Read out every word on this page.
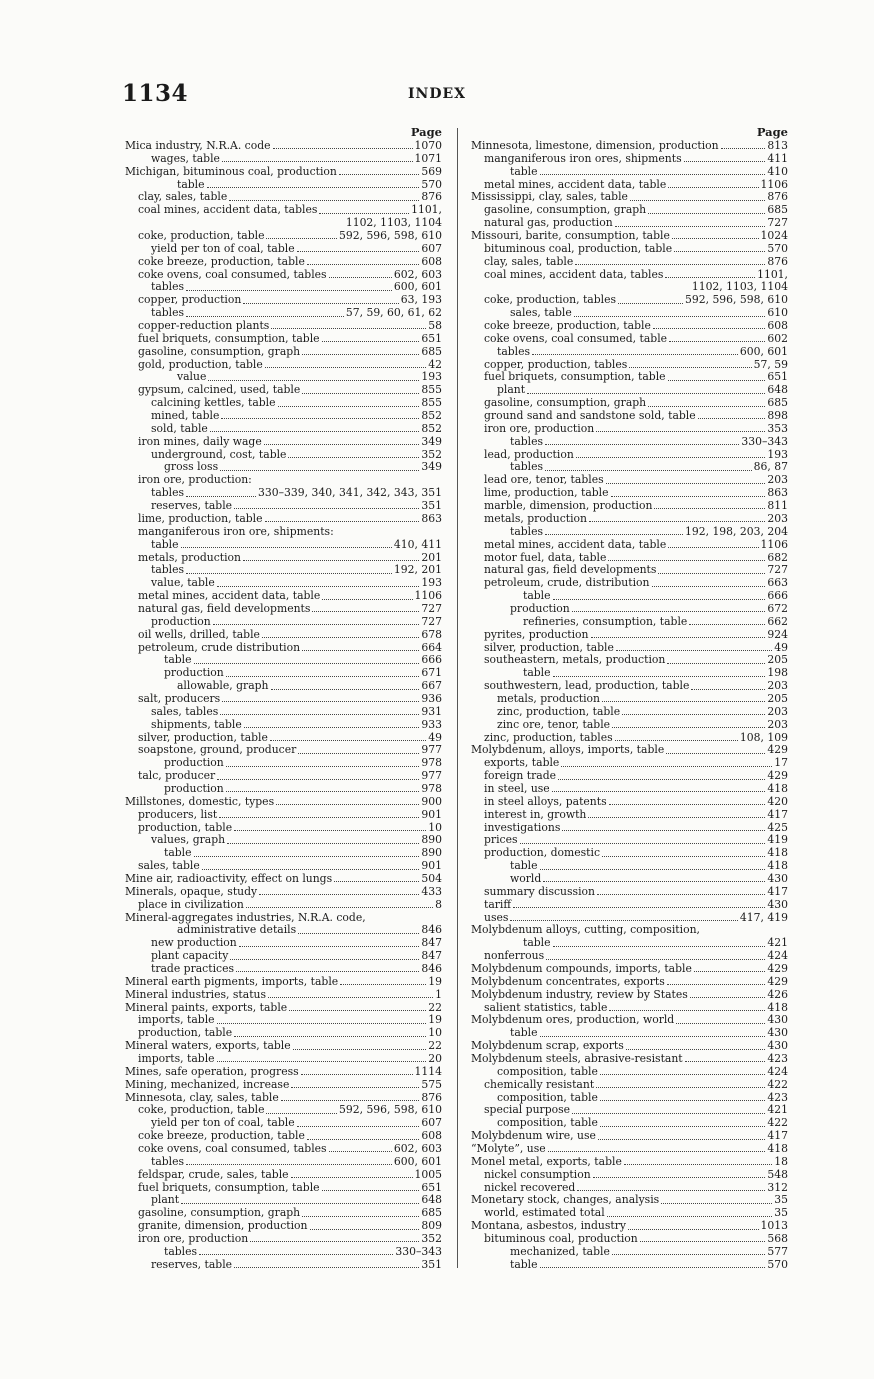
1134	INDEX
Page
Mica industry, N.R.A. code	1070
wages, table	1071
Michigan, bituminous coal, production	569
table	570
clay, sales, table	876
coal mines, accident data, tables	1101,
1102, 1103, 1104
coke, production, table	592, 596, 598, 610
yield per ton of coal, table	607
coke breeze, production, table	608
coke ovens, coal consumed, tables	602, 603
tables	600, 601
copper, production	63, 193
tables	57, 59, 60, 61, 62
copper-reduction plants	58
fuel briquets, consumption, table	651
gasoline, consumption, graph	685
gold, production, table	42
value	193
gypsum, calcined, used, table	855
calcining kettles, table	855
mined, table	852
sold, table	852
iron mines, daily wage	349
underground, cost, table	352
gross loss	349
iron ore, production:
tables	330–339, 340, 341, 342, 343, 351
reserves, table	351
lime, production, table	863
manganiferous iron ore, shipments:
table	410, 411
metals, production	201
tables	192, 201
value, table	193
metal mines, accident data, table	1106
natural gas, field developments	727
production	727
oil wells, drilled, table	678
petroleum, crude distribution	664
table	666
production	671
allowable, graph	667
salt, producers	936
sales, tables	931
shipments, table	933
silver, production, table	49
soapstone, ground, producer	977
production	978
talc, producer	977
production	978
Millstones, domestic, types	900
producers, list	901
production, table	10
values, graph	890
table	890
sales, table	901
Mine air, radioactivity, effect on lungs	504
Minerals, opaque, study	433
place in civilization	8
Mineral-aggregates industries, N.R.A. code,
administrative details	846
new production	847
plant capacity	847
trade practices	846
Mineral earth pigments, imports, table	19
Mineral industries, status	1
Mineral paints, exports, table	22
imports, table	19
production, table	10
Mineral waters, exports, table	22
imports, table	20
Mines, safe operation, progress	1114
Mining, mechanized, increase	575
Minnesota, clay, sales, table	876
coke, production, table	592, 596, 598, 610
yield per ton of coal, table	607
coke breeze, production, table	608
coke ovens, coal consumed, tables	602, 603
tables	600, 601
feldspar, crude, sales, table	1005
fuel briquets, consumption, table	651
plant	648
gasoline, consumption, graph	685
granite, dimension, production	809
iron ore, production	352
tables	330–343
reserves, table	351
Page
Minnesota, limestone, dimension, production	813
manganiferous iron ores, shipments	411
table	410
metal mines, accident data, table	1106
Mississippi, clay, sales, table	876
gasoline, consumption, graph	685
natural gas, production	727
Missouri, barite, consumption, table	1024
bituminous coal, production, table	570
clay, sales, table	876
coal mines, accident data, tables	1101,
1102, 1103, 1104
coke, production, tables	592, 596, 598, 610
sales, table	610
coke breeze, production, table	608
coke ovens, coal consumed, table	602
tables	600, 601
copper, production, tables	57, 59
fuel briquets, consumption, table	651
plant	648
gasoline, consumption, graph	685
ground sand and sandstone sold, table	898
iron ore, production	353
tables	330–343
lead, production	193
tables	86, 87
lead ore, tenor, tables	203
lime, production, table	863
marble, dimension, production	811
metals, production	203
tables	192, 198, 203, 204
metal mines, accident data, table	1106
motor fuel, data, table	682
natural gas, field developments	727
petroleum, crude, distribution	663
table	666
production	672
refineries, consumption, table	662
pyrites, production	924
silver, production, table	49
southeastern, metals, production	205
table	198
southwestern, lead, production, table	203
metals, production	205
zinc, production, table	203
zinc ore, tenor, table	203
zinc, production, tables	108, 109
Molybdenum, alloys, imports, table	429
exports, table	17
foreign trade	429
in steel, use	418
in steel alloys, patents	420
interest in, growth	417
investigations	425
prices	419
production, domestic	418
table	418
world	430
summary discussion	417
tariff	430
uses	417, 419
Molybdenum alloys, cutting, composition,
table	421
nonferrous	424
Molybdenum compounds, imports, table	429
Molybdenum concentrates, exports	429
Molybdenum industry, review by States	426
salient statistics, table	418
Molybdenum ores, production, world	430
table	430
Molybdenum scrap, exports	430
Molybdenum steels, abrasive-resistant	423
composition, table	424
chemically resistant	422
composition, table	423
special purpose	421
composition, table	422
Molybdenum wire, use	417
“Molyte”, use	418
Monel metal, exports, table	18
nickel consumption	548
nickel recovered	312
Monetary stock, changes, analysis	35
world, estimated total	35
Montana, asbestos, industry	1013
bituminous coal, production	568
mechanized, table	577
table	570
